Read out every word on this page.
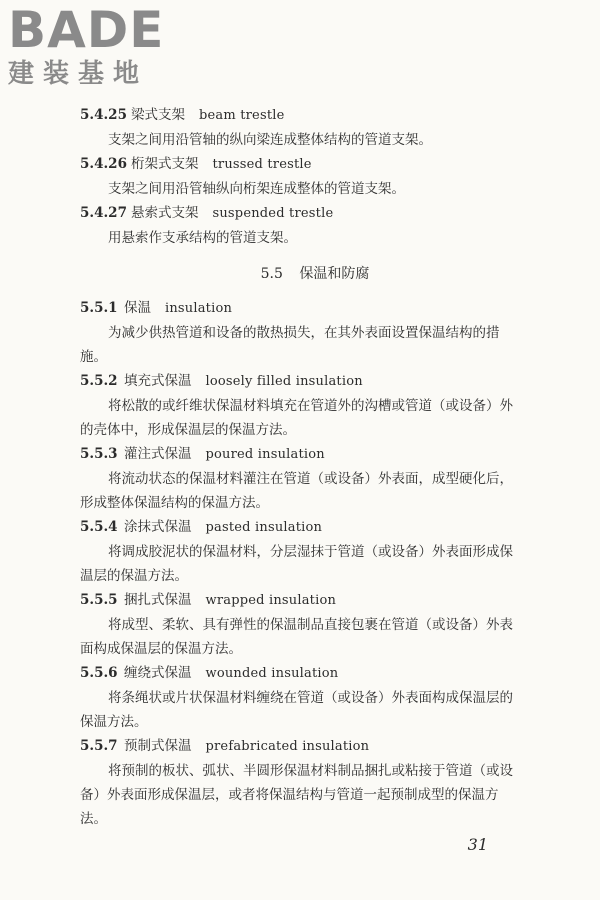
BADE
建装基地
5.4.25 梁式支架 beam trestle
支架之间用沿管轴的纵向梁连成整体结构的管道支架。
5.4.26 桁架式支架 trussed trestle
支架之间用沿管轴纵向桁架连成整体的管道支架。
5.4.27 悬索式支架 suspended trestle
用悬索作支承结构的管道支架。
5.5 保温和防腐
5.5.1 保温 insulation
为减少供热管道和设备的散热损失，在其外表面设置保温结构的措施。
5.5.2 填充式保温 loosely filled insulation
将松散的或纤维状保温材料填充在管道外的沟槽或管道（或设备）外的壳体中，形成保温层的保温方法。
5.5.3 灌注式保温 poured insulation
将流动状态的保温材料灌注在管道（或设备）外表面，成型硬化后，形成整体保温结构的保温方法。
5.5.4 涂抹式保温 pasted insulation
将调成胶泥状的保温材料，分层湿抹于管道（或设备）外表面形成保温层的保温方法。
5.5.5 捆扎式保温 wrapped insulation
将成型、柔软、具有弹性的保温制品直接包裹在管道（或设备）外表面构成保温层的保温方法。
5.5.6 缠绕式保温 wounded insulation
将条绳状或片状保温材料缠绕在管道（或设备）外表面构成保温层的保温方法。
5.5.7 预制式保温 prefabricated insulation
将预制的板状、弧状、半圆形保温材料制品捆扎或粘接于管道（或设备）外表面形成保温层，或者将保温结构与管道一起预制成型的保温方法。
31
